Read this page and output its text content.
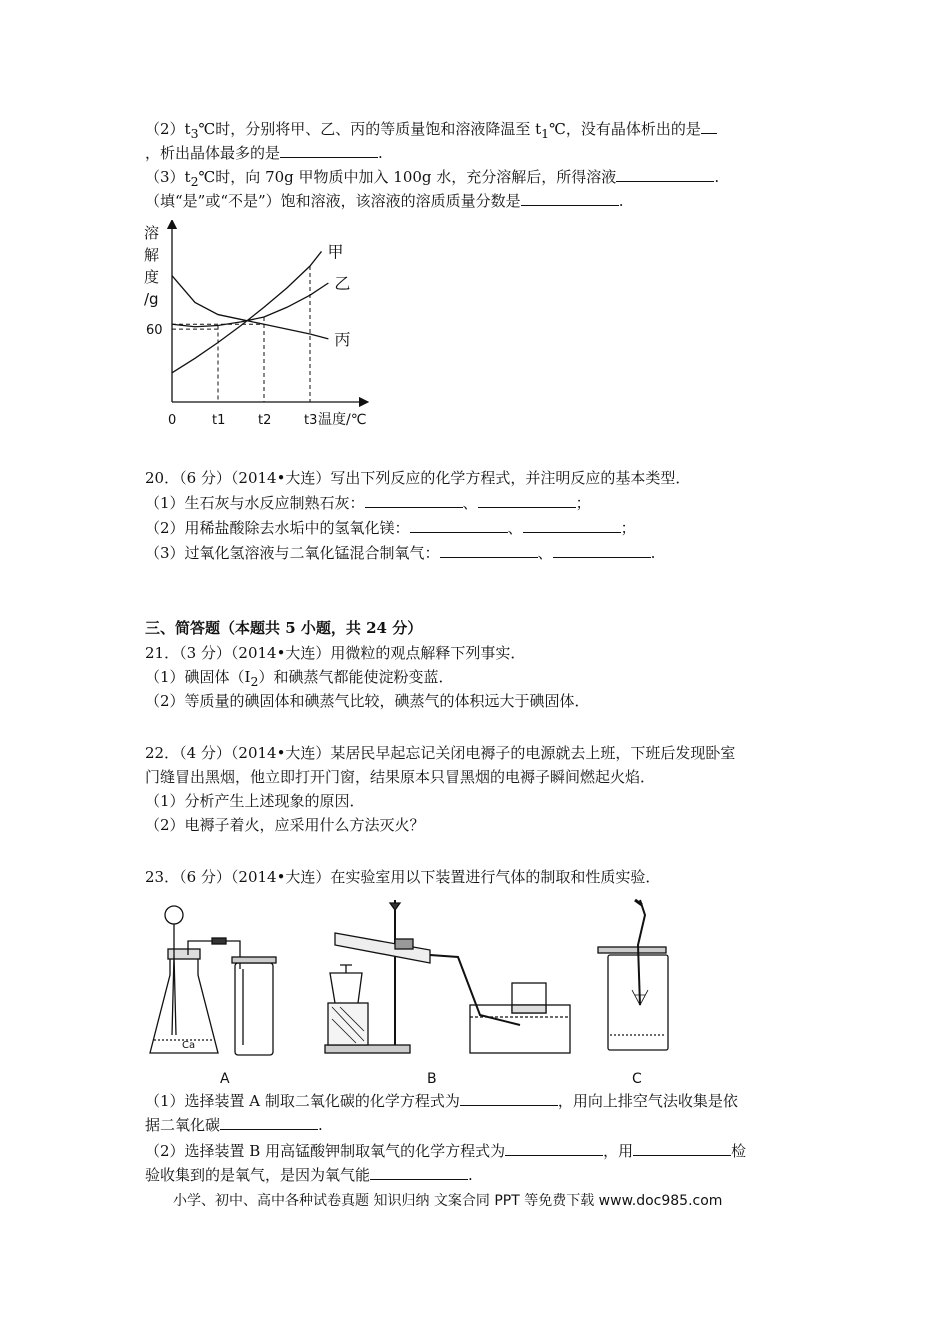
$(2)t_3℃$时，分别将甲、乙、丙的等质量饱和溶液降温至 $t_1℃$，没有晶体析出的是
，析出晶体最多的是	.
$(3)t_2℃$时，向 70g 甲物质中加入 100g 水，充分溶解后，所得溶液	.
（填“是”或“不是”）饱和溶液，该溶液的溶质质量分数是	.
甲
乙
丙
溶
解
度
/g
60
0	t1	t2	t3 温度/℃
20．（6 分）（2014•大连）写出下列反应的化学方程式，并注明反应的基本类型．
（1）生石灰与水反应制熟石灰：	、	；
（2）用稀盐酸除去水垢中的氢氧化镁：	、	；
（3）过氧化氢溶液与二氧化锰混合制氧气：	、	.
三、简答题（本题共 5 小题，共 24 分）
21．（3 分）（2014•大连）用微粒的观点解释下列事实．
（1）碘固体$(I_2)$和碘蒸气都能使淀粉变蓝．
（2）等质量的碘固体和碘蒸气比较，碘蒸气的体积远大于碘固体．
22．（4 分）（2014•大连）某居民早起忘记关闭电褥子的电源就去上班，下班后发现卧室
门缝冒出黑烟，他立即打开门窗，结果原本只冒黑烟的电褥子瞬间燃起火焰．
（1）分析产生上述现象的原因．
（2）电褥子着火，应采用什么方法灭火？
23．（6 分）（2014•大连）在实验室用以下装置进行气体的制取和性质实验．
Ca
A	B	C
（1）选择装置 A 制取二氧化碳的化学方程式为	，用向上排空气法收集是依
据二氧化碳	.
（2）选择装置 B 用高锰酸钾制取氧气的化学方程式为	，用	检
验收集到的是氧气，是因为氧气能	.
小学、初中、高中各种试卷真题 知识归纳 文案合同 PPT 等免费下载 www.doc985.com
